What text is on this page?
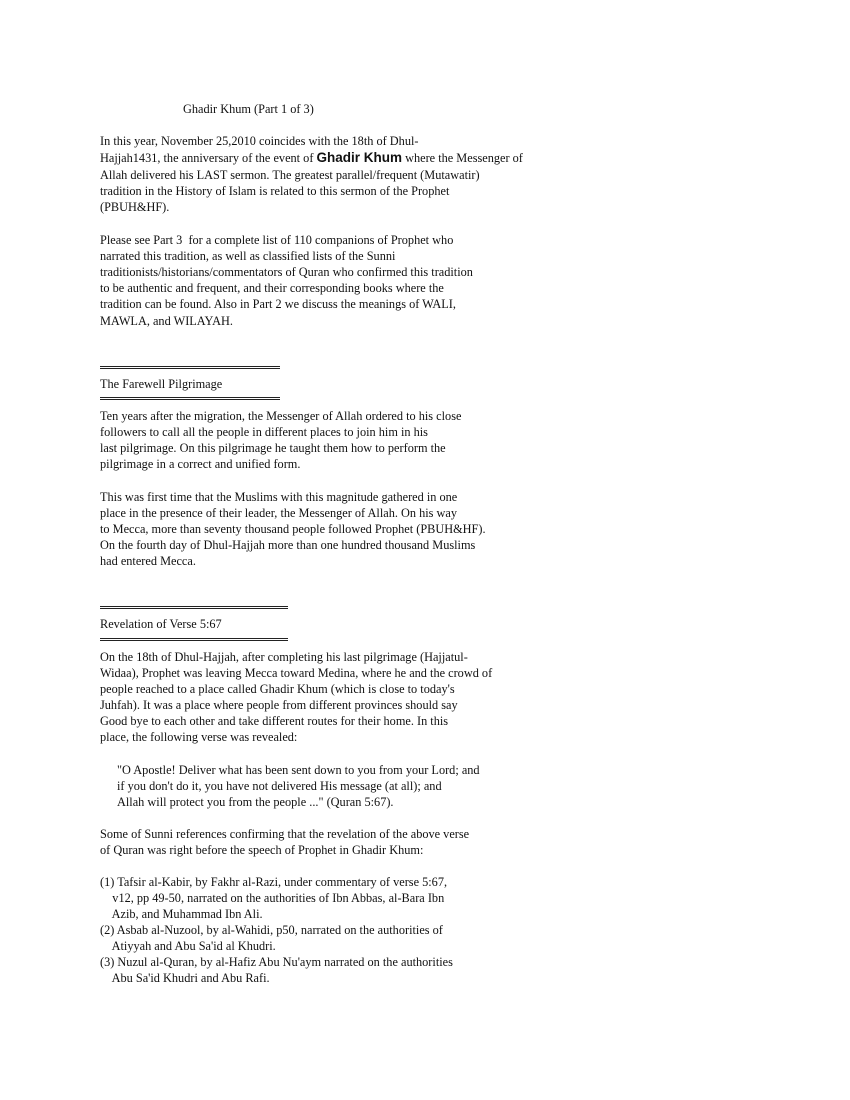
Ghadir Khum (Part 1 of 3)
In this year, November 25,2010 coincides with the 18th of Dhul-
Hajjah1431, the anniversary of the event of Ghadir Khum where the Messenger of
Allah delivered his LAST sermon. The greatest parallel/frequent (Mutawatir)
tradition in the History of Islam is related to this sermon of the Prophet
(PBUH&HF).
Please see Part 3  for a complete list of 110 companions of Prophet who
narrated this tradition, as well as classified lists of the Sunni
traditionists/historians/commentators of Quran who confirmed this tradition
to be authentic and frequent, and their corresponding books where the
tradition can be found. Also in Part 2 we discuss the meanings of WALI,
MAWLA, and WILAYAH.
The Farewell Pilgrimage
Ten years after the migration, the Messenger of Allah ordered to his close
followers to call all the people in different places to join him in his
last pilgrimage. On this pilgrimage he taught them how to perform the
pilgrimage in a correct and unified form.
This was first time that the Muslims with this magnitude gathered in one
place in the presence of their leader, the Messenger of Allah. On his way
to Mecca, more than seventy thousand people followed Prophet (PBUH&HF).
On the fourth day of Dhul-Hajjah more than one hundred thousand Muslims
had entered Mecca.
Revelation of Verse 5:67
On the 18th of Dhul-Hajjah, after completing his last pilgrimage (Hajjatul-
Widaa), Prophet was leaving Mecca toward Medina, where he and the crowd of
people reached to a place called Ghadir Khum (which is close to today's
Juhfah). It was a place where people from different provinces should say
Good bye to each other and take different routes for their home. In this
place, the following verse was revealed:
"O Apostle! Deliver what has been sent down to you from your Lord; and
if you don't do it, you have not delivered His message (at all); and
Allah will protect you from the people ..." (Quran 5:67).
Some of Sunni references confirming that the revelation of the above verse
of Quran was right before the speech of Prophet in Ghadir Khum:
(1) Tafsir al-Kabir, by Fakhr al-Razi, under commentary of verse 5:67,
v12, pp 49-50, narrated on the authorities of Ibn Abbas, al-Bara Ibn
Azib, and Muhammad Ibn Ali.
(2) Asbab al-Nuzool, by al-Wahidi, p50, narrated on the authorities of
Atiyyah and Abu Sa'id al Khudri.
(3) Nuzul al-Quran, by al-Hafiz Abu Nu'aym narrated on the authorities
Abu Sa'id Khudri and Abu Rafi.
